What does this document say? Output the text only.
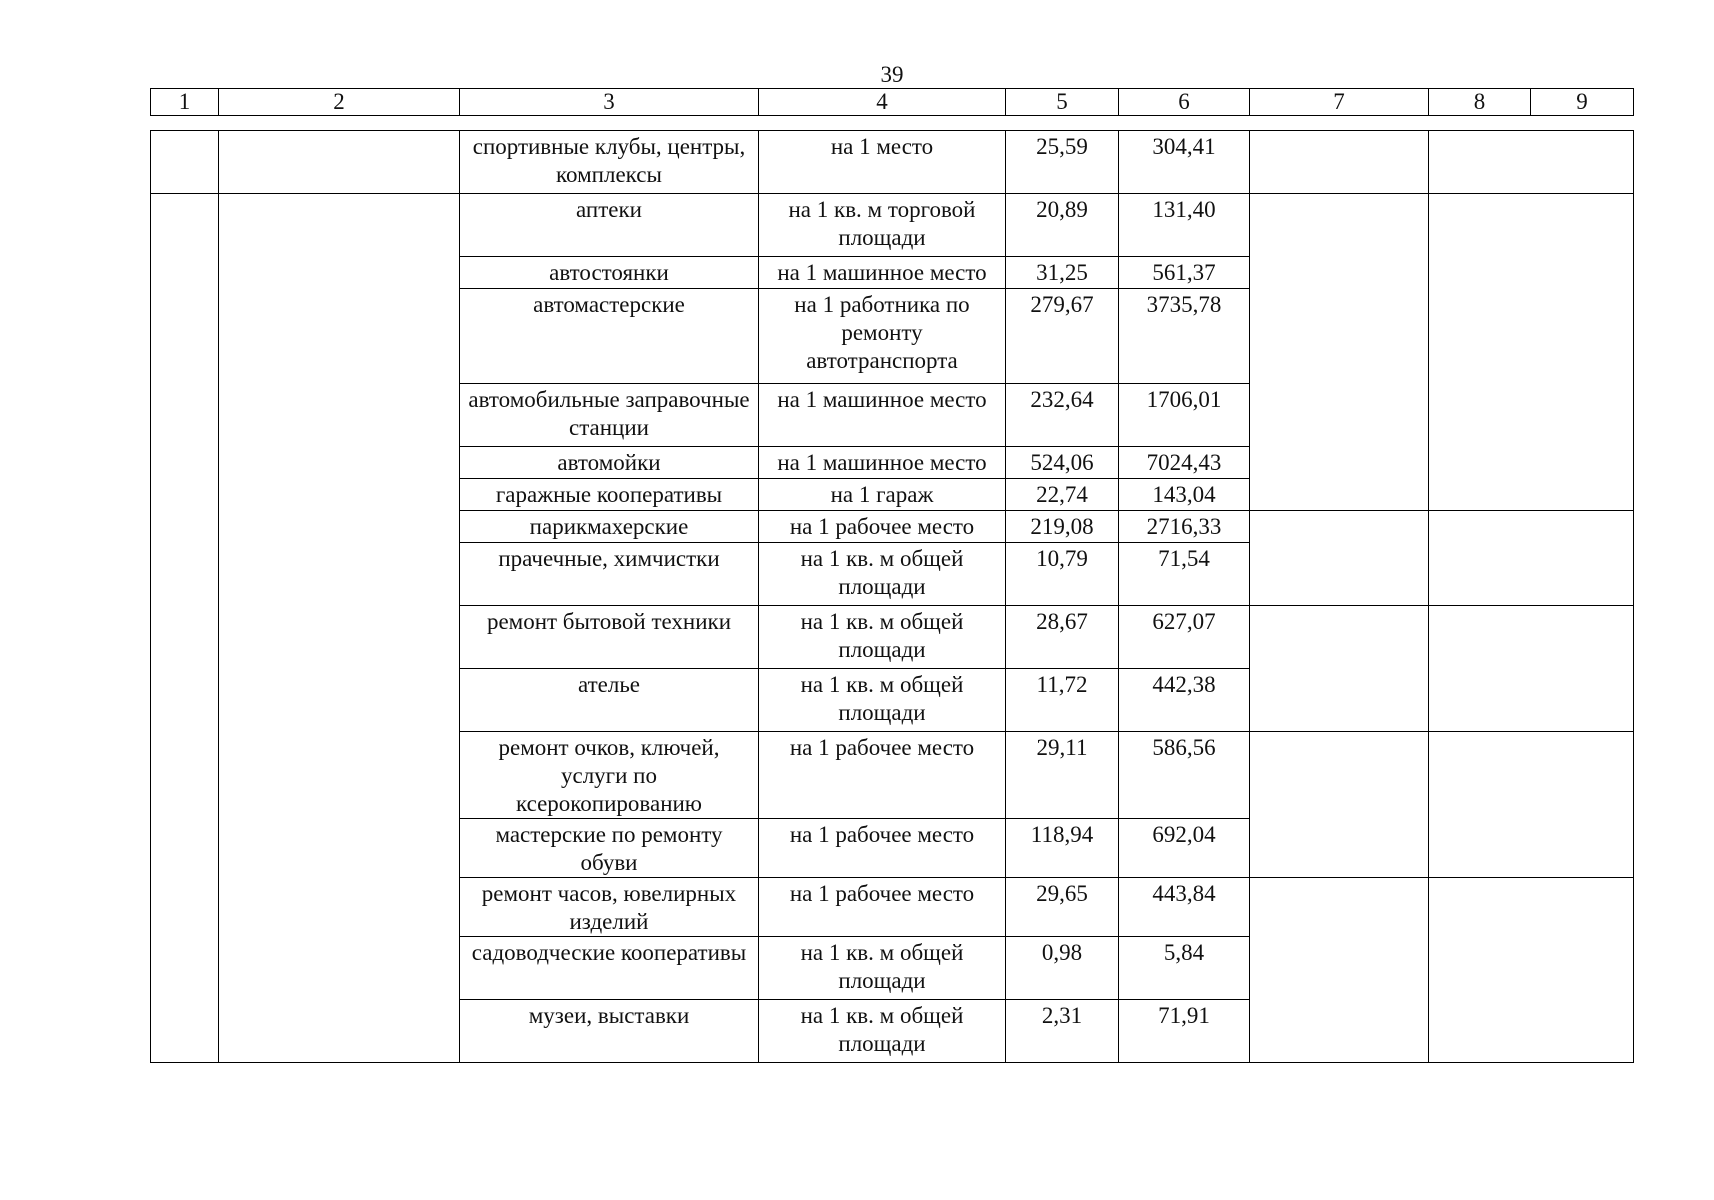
39
1	2	3	4	5	6	7	8	9
		спортивные клубы, центры, комплексы	на 1 место	25,59	304,41		
		аптеки	на 1 кв. м торговой площади	20,89	131,40		
		автостоянки	на 1 машинное место	31,25	561,37		
		автомастерские	на 1 работника по ремонту автотранспорта	279,67	3735,78		
		автомобильные заправочные станции	на 1 машинное место	232,64	1706,01		
		автомойки	на 1 машинное место	524,06	7024,43		
		гаражные кооперативы	на 1 гараж	22,74	143,04		
		парикмахерские	на 1 рабочее место	219,08	2716,33		
		прачечные, химчистки	на 1 кв. м общей площади	10,79	71,54		
		ремонт бытовой техники	на 1 кв. м общей площади	28,67	627,07		
		ателье	на 1 кв. м общей площади	11,72	442,38		
		ремонт очков, ключей, услуги по ксерокопированию	на 1 рабочее место	29,11	586,56		
		мастерские по ремонту обуви	на 1 рабочее место	118,94	692,04		
		ремонт часов, ювелирных изделий	на 1 рабочее место	29,65	443,84		
		садоводческие кооперативы	на 1 кв. м общей площади	0,98	5,84		
		музеи, выставки	на 1 кв. м общей площади	2,31	71,91		
